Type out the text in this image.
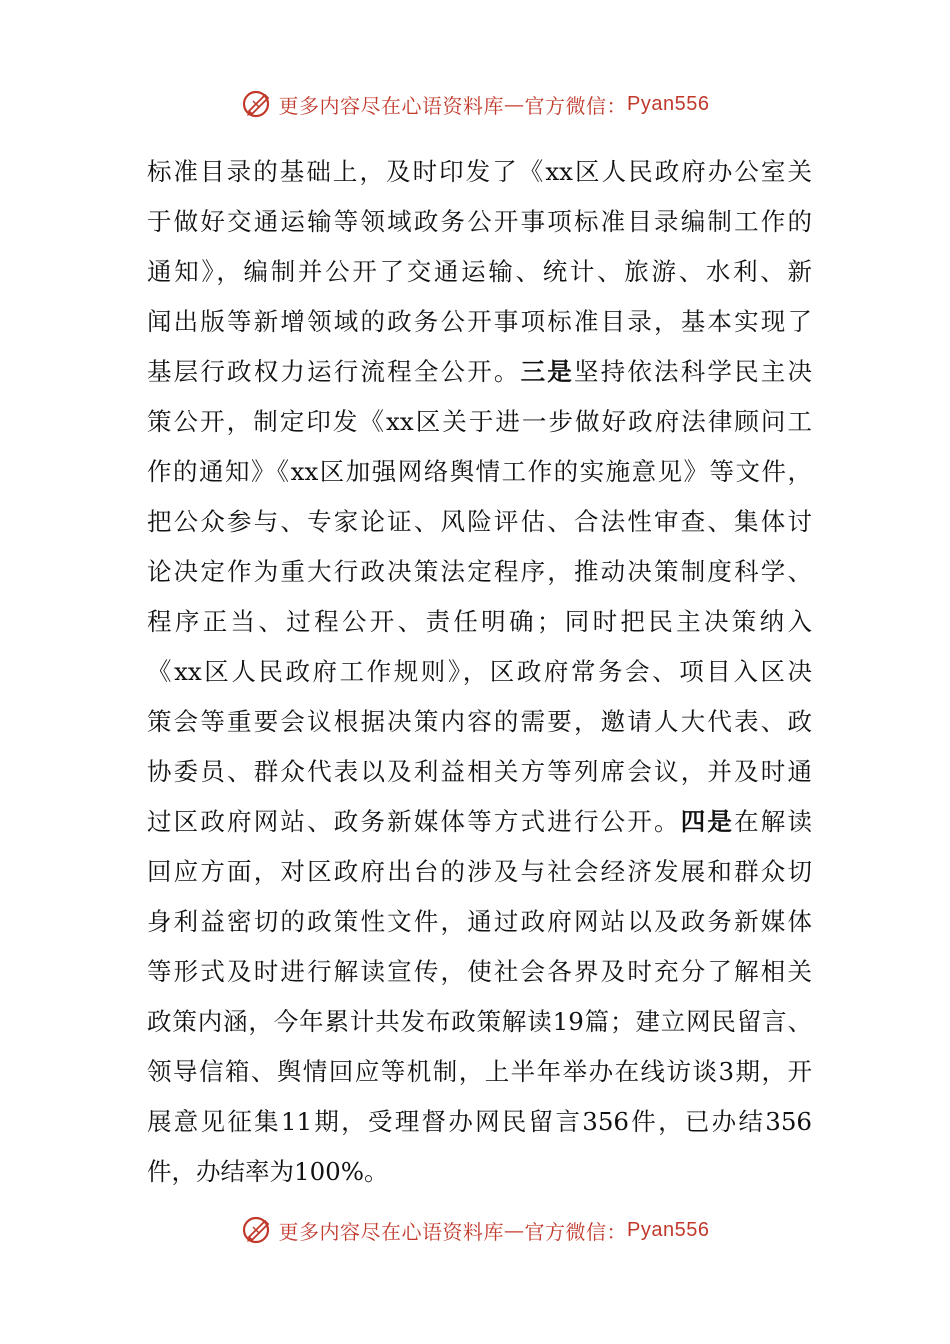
更多内容尽在心语资料库 — 官方微信： Pyan556
标准目录的基础上，及时印发了《xx区人民政府办公室关
于做好交通运输等领域政务公开事项标准目录编制工作的
通知》，编制并公开了交通运输、统计、旅游、水利、新
闻出版等新增领域的政务公开事项标准目录，基本实现了
基层行政权力运行流程全公开。三是坚持依法科学民主决
策公开，制定印发《xx区关于进一步做好政府法律顾问工
作的通知》《xx区加强网络舆情工作的实施意见》等文件，
把公众参与、专家论证、风险评估、合法性审查、集体讨
论决定作为重大行政决策法定程序，推动决策制度科学、
程序正当、过程公开、责任明确；同时把民主决策纳入
《xx区人民政府工作规则》，区政府常务会、项目入区决
策会等重要会议根据决策内容的需要，邀请人大代表、政
协委员、群众代表以及利益相关方等列席会议，并及时通
过区政府网站、政务新媒体等方式进行公开。四是在解读
回应方面，对区政府出台的涉及与社会经济发展和群众切
身利益密切的政策性文件，通过政府网站以及政务新媒体
等形式及时进行解读宣传，使社会各界及时充分了解相关
政策内涵，今年累计共发布政策解读19篇；建立网民留言、
领导信箱、舆情回应等机制，上半年举办在线访谈3期，开
展意见征集11期，受理督办网民留言356件，已办结356
件，办结率为100%。
更多内容尽在心语资料库 — 官方微信： Pyan556
